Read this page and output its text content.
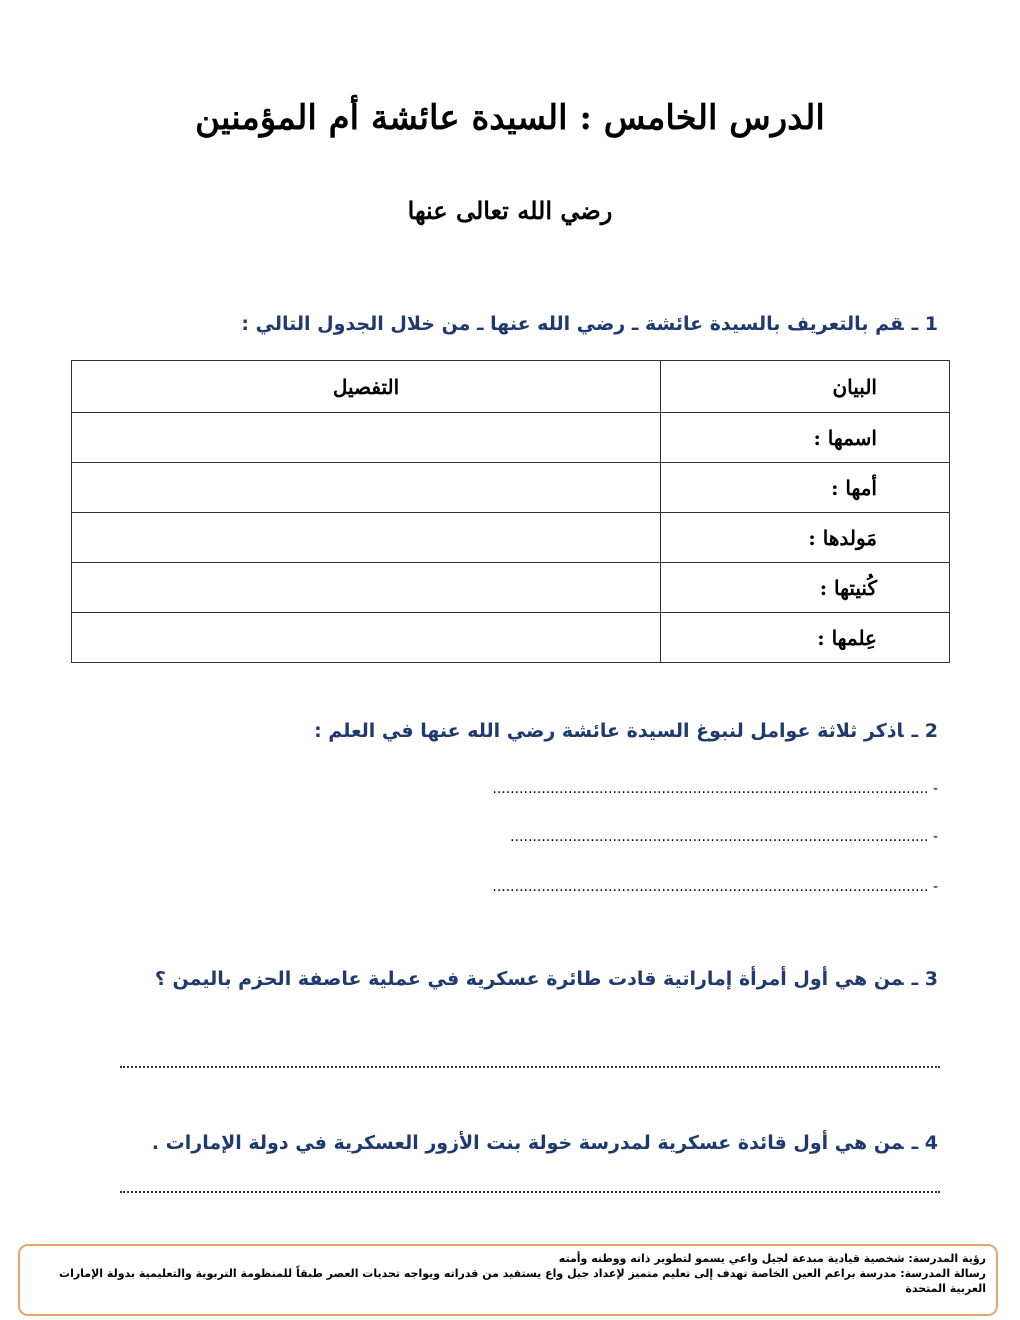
الدرس الخامس : السيدة عائشة أم المؤمنين
رضي الله تعالى عنها
1 ـقم بالتعريف بالسيدة عائشة ـ رضي الله عنها ـ من خلال الجدول التالي :
البيان	التفصيل
اسمها :	
أمها :	
مَولدها :	
كُنيتها :	
عِلمها :	
2 ـاذكر ثلاثة عوامل لنبوغ السيدة عائشة رضي الله عنها في العلم :
- ..................................................................................................
- ..............................................................................................
- ..................................................................................................
3 ـمن هي أول أمرأة إماراتية قادت طائرة عسكرية في عملية عاصفة الحزم باليمن ؟
4 ـمن هي أول قائدة عسكرية لمدرسة خولة بنت الأزور العسكرية في دولة الإمارات .
رؤية المدرسة: شخصية قيادية مبدعة لجيل واعي يسمو لتطوير ذاته ووطنه وأمته
رسالة المدرسة: مدرسة براعم العين الخاصة تهدف إلى تعليم متميز لإعداد جيل واع يستفيد من قدراته ويواجه تحديات العصر طبقاً للمنظومة التربوية والتعليمية بدولة الإمارات العربية المتحدة
